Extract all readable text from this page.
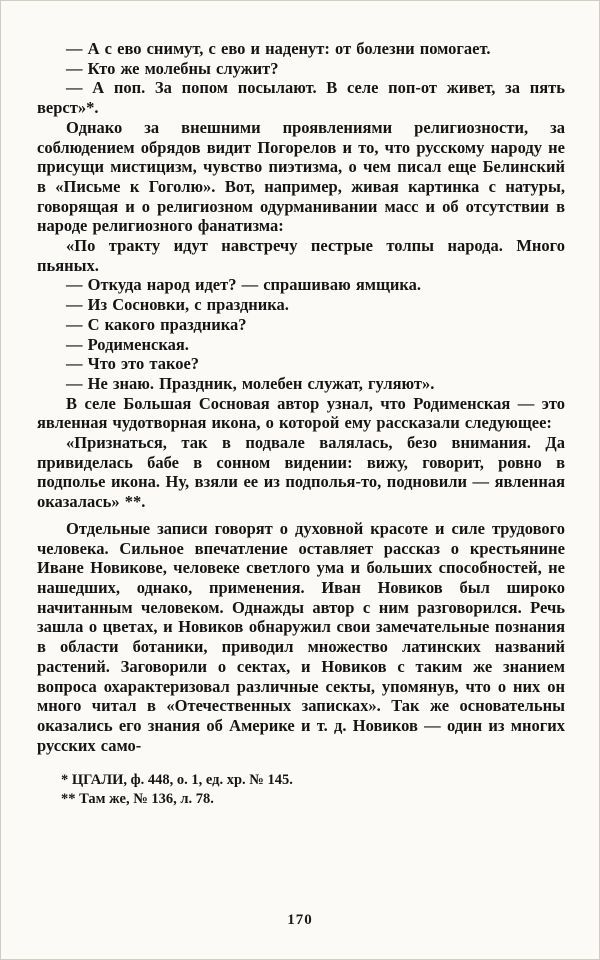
— А с ево снимут, с ево и наденут: от болезни помогает.

— Кто же молебны служит?

— А поп. За попом посылают. В селе поп-от живет, за пять верст»*.

Однако за внешними проявлениями религиозности, за соблюдением обрядов видит Погорелов и то, что русскому народу не присущи мистицизм, чувство пиэтизма, о чем писал еще Белинский в «Письме к Гоголю». Вот, например, живая картинка с натуры, говорящая и о религиозном одурманивании масс и об отсутствии в народе религиозного фанатизма:

«По тракту идут навстречу пестрые толпы народа. Много пьяных.

— Откуда народ идет? — спрашиваю ямщика.

— Из Сосновки, с праздника.

— С какого праздника?

— Родименская.

— Что это такое?

— Не знаю. Праздник, молебен служат, гуляют».

В селе Большая Сосновая автор узнал, что Родименская — это явленная чудотворная икона, о которой ему рассказали следующее:

«Признаться, так в подвале валялась, безо внимания. Да привиделась бабе в сонном видении: вижу, говорит, ровно в подполье икона. Ну, взяли ее из подполья-то, подновили — явленная оказалась» **.

Отдельные записи говорят о духовной красоте и силе трудового человека. Сильное впечатление оставляет рассказ о крестьянине Иване Новикове, человеке светлого ума и больших способностей, не нашедших, однако, применения. Иван Новиков был широко начитанным человеком. Однажды автор с ним разговорился. Речь зашла о цветах, и Новиков обнаружил свои замечательные познания в области ботаники, приводил множество латинских названий растений. Заговорили о сектах, и Новиков с таким же знанием вопроса охарактеризовал различные секты, упомянув, что о них он много читал в «Отечественных записках». Так же основательны оказались его знания об Америке и т. д. Новиков — один из многих русских само-

* ЦГАЛИ, ф. 448, о. 1, ед. хр. № 145.

** Там же, № 136, л. 78.

170
